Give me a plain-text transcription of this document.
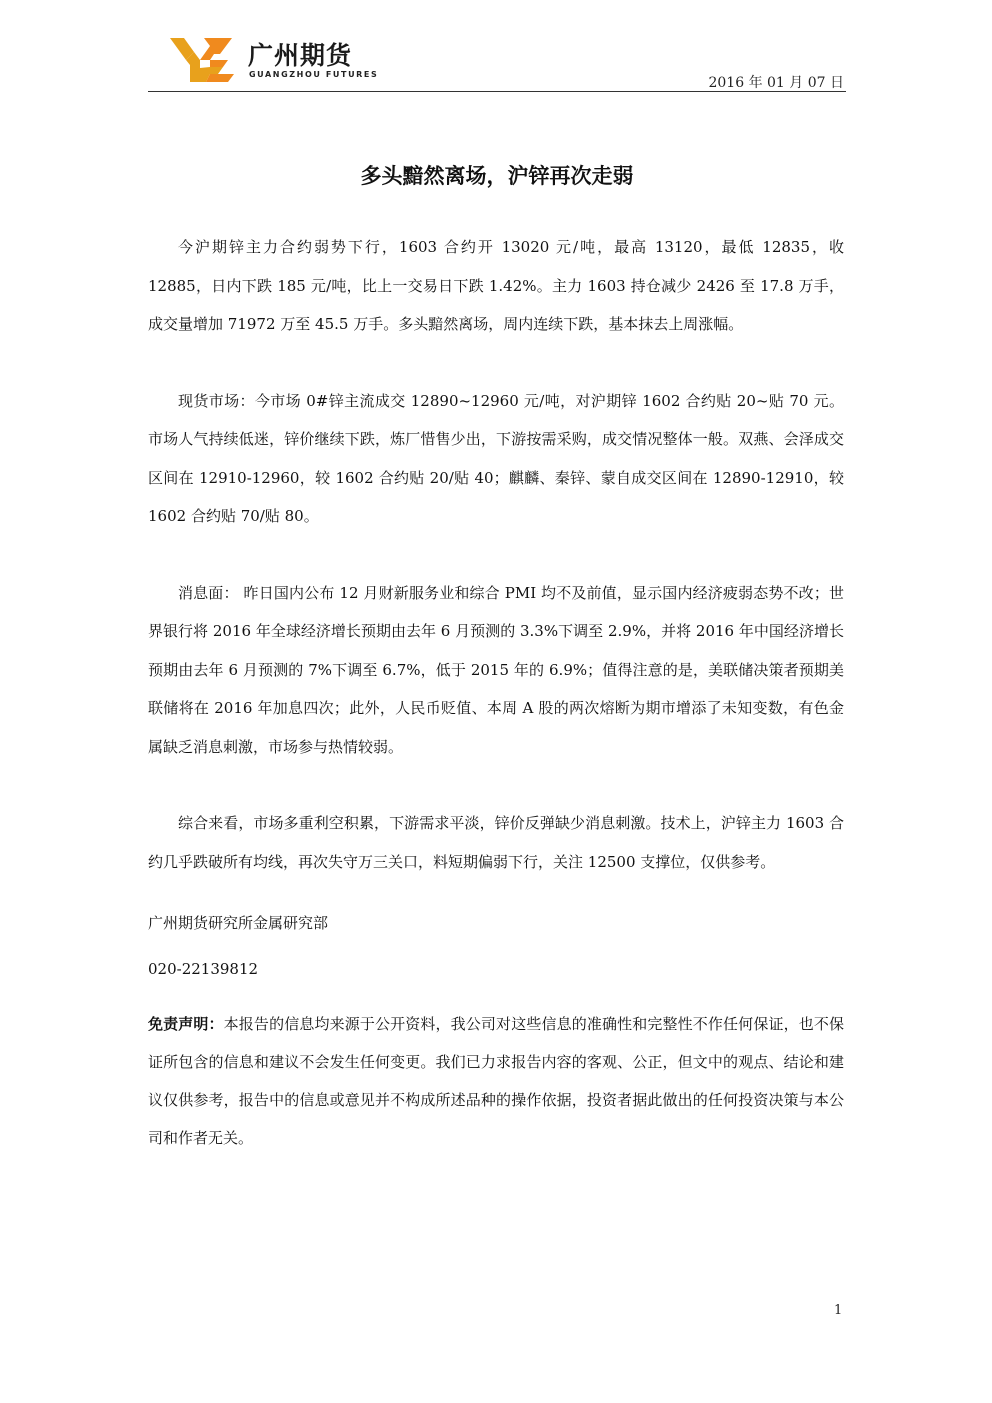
广州期货
GUANGZHOU FUTURES
2016 年 01 月 07 日
多头黯然离场，沪锌再次走弱

今沪期锌主力合约弱势下行，1603 合约开 13020 元/吨，最高 13120，最低 12835，收 12885，日内下跌 185 元/吨，比上一交易日下跌 1.42%。主力 1603 持仓减少 2426 至 17.8 万手，成交量增加 71972 万至 45.5 万手。多头黯然离场，周内连续下跌，基本抹去上周涨幅。

现货市场：今市场 0#锌主流成交 12890~12960 元/吨，对沪期锌 1602 合约贴 20~贴 70 元。市场人气持续低迷，锌价继续下跌，炼厂惜售少出，下游按需采购，成交情况整体一般。双燕、会泽成交区间在 12910-12960，较 1602 合约贴 20/贴 40；麒麟、秦锌、蒙自成交区间在 12890-12910，较 1602 合约贴 70/贴 80。

消息面： 昨日国内公布 12 月财新服务业和综合 PMI 均不及前值，显示国内经济疲弱态势不改；世界银行将 2016 年全球经济增长预期由去年 6 月预测的 3.3%下调至 2.9%，并将 2016 年中国经济增长预期由去年 6 月预测的 7%下调至 6.7%，低于 2015 年的 6.9%；值得注意的是，美联储决策者预期美联储将在 2016 年加息四次；此外，人民币贬值、本周 A 股的两次熔断为期市增添了未知变数，有色金属缺乏消息刺激，市场参与热情较弱。

综合来看，市场多重利空积累，下游需求平淡，锌价反弹缺少消息刺激。技术上，沪锌主力 1603 合约几乎跌破所有均线，再次失守万三关口，料短期偏弱下行，关注 12500 支撑位，仅供参考。

广州期货研究所金属研究部

020-22139812

免责声明：本报告的信息均来源于公开资料，我公司对这些信息的准确性和完整性不作任何保证，也不保证所包含的信息和建议不会发生任何变更。我们已力求报告内容的客观、公正，但文中的观点、结论和建议仅供参考，报告中的信息或意见并不构成所述品种的操作依据，投资者据此做出的任何投资决策与本公司和作者无关。

1
